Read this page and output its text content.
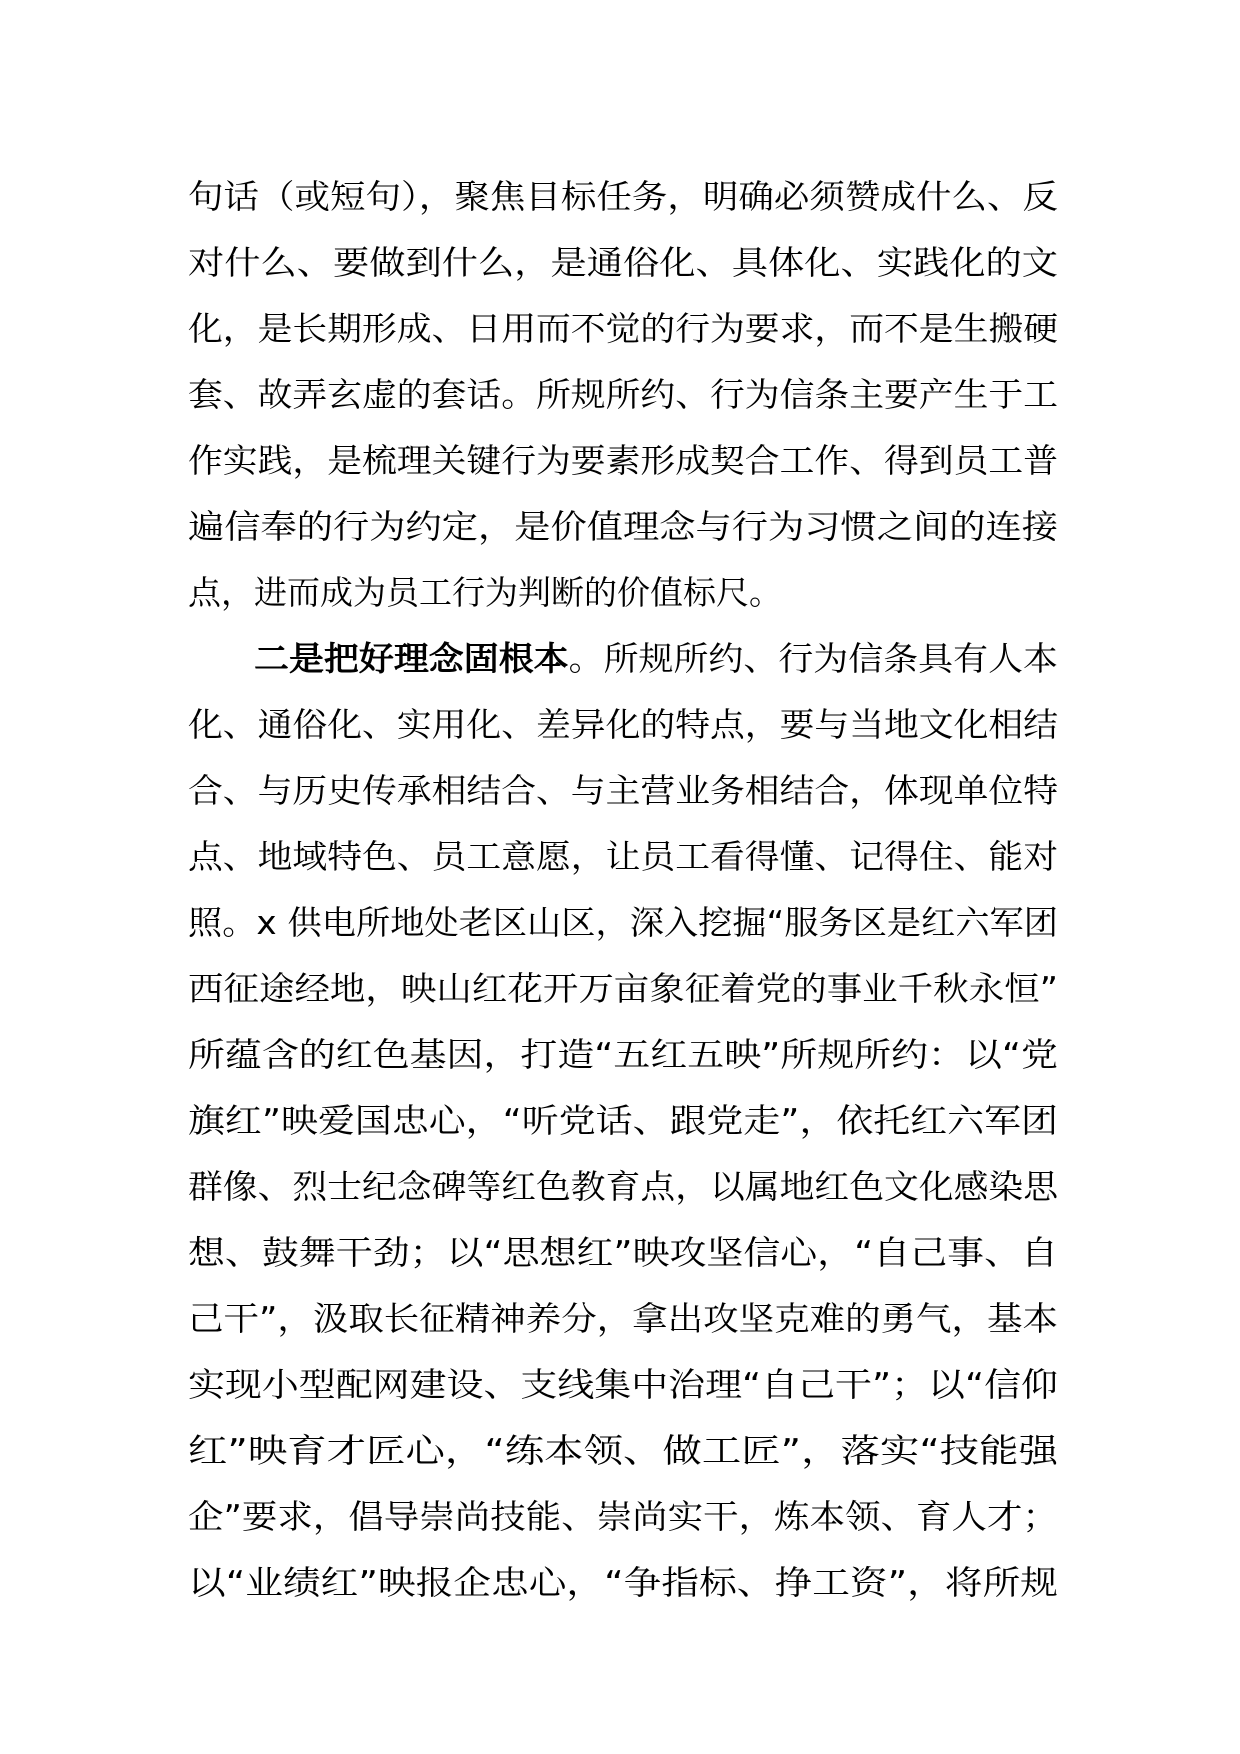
句话（或短句），聚焦目标任务，明确必须赞成什么、反
对什么、要做到什么，是通俗化、具体化、实践化的文
化，是长期形成、日用而不觉的行为要求，而不是生搬硬
套、故弄玄虚的套话。所规所约、行为信条主要产生于工
作实践，是梳理关键行为要素形成契合工作、得到员工普
遍信奉的行为约定，是价值理念与行为习惯之间的连接
点，进而成为员工行为判断的价值标尺。
二是把好理念固根本。所规所约、行为信条具有人本
化、通俗化、实用化、差异化的特点，要与当地文化相结
合、与历史传承相结合、与主营业务相结合，体现单位特
点、地域特色、员工意愿，让员工看得懂、记得住、能对
照。x 供电所地处老区山区，深入挖掘“服务区是红六军团
西征途经地，映山红花开万亩象征着党的事业千秋永恒”
所蕴含的红色基因，打造“五红五映”所规所约：以“党
旗红”映爱国忠心，“听党话、跟党走”，依托红六军团
群像、烈士纪念碑等红色教育点，以属地红色文化感染思
想、鼓舞干劲；以“思想红”映攻坚信心，“自己事、自
己干”，汲取长征精神养分，拿出攻坚克难的勇气，基本
实现小型配网建设、支线集中治理“自己干”；以“信仰
红”映育才匠心，“练本领、做工匠”，落实“技能强
企”要求，倡导崇尚技能、崇尚实干，炼本领、育人才；
以“业绩红”映报企忠心，“争指标、挣工资”，将所规
